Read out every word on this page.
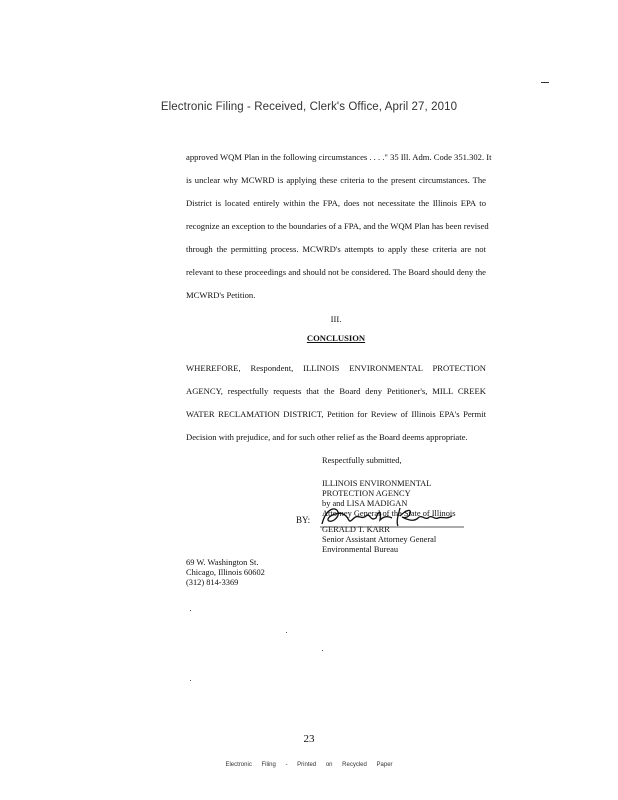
Electronic Filing - Received, Clerk's Office, April 27, 2010
approved WQM Plan in the following circumstances . . . ." 35 Ill. Adm. Code 351.302. It
is unclear why MCWRD is applying these criteria to the present circumstances. The
District is located entirely within the FPA, does not necessitate the Illinois EPA to
recognize an exception to the boundaries of a FPA, and the WQM Plan has been revised
through the permitting process. MCWRD's attempts to apply these criteria are not
relevant to these proceedings and should not be considered. The Board should deny the
MCWRD's Petition.
III.
CONCLUSION
WHEREFORE, Respondent, ILLINOIS ENVIRONMENTAL PROTECTION
AGENCY, respectfully requests that the Board deny Petitioner's, MILL CREEK
WATER RECLAMATION DISTRICT, Petition for Review of Illinois EPA's Permit
Decision with prejudice, and for such other relief as the Board deems appropriate.
Respectfully submitted,
ILLINOIS ENVIRONMENTAL
PROTECTION AGENCY
by and LISA MADIGAN
Attorney General of the State of Illinois
BY:
GERALD T. KARR
Senior Assistant Attorney General
Environmental Bureau
69 W. Washington St.
Chicago, Illinois 60602
(312) 814-3369
23
Electronic Filing - Printed on Recycled Paper
